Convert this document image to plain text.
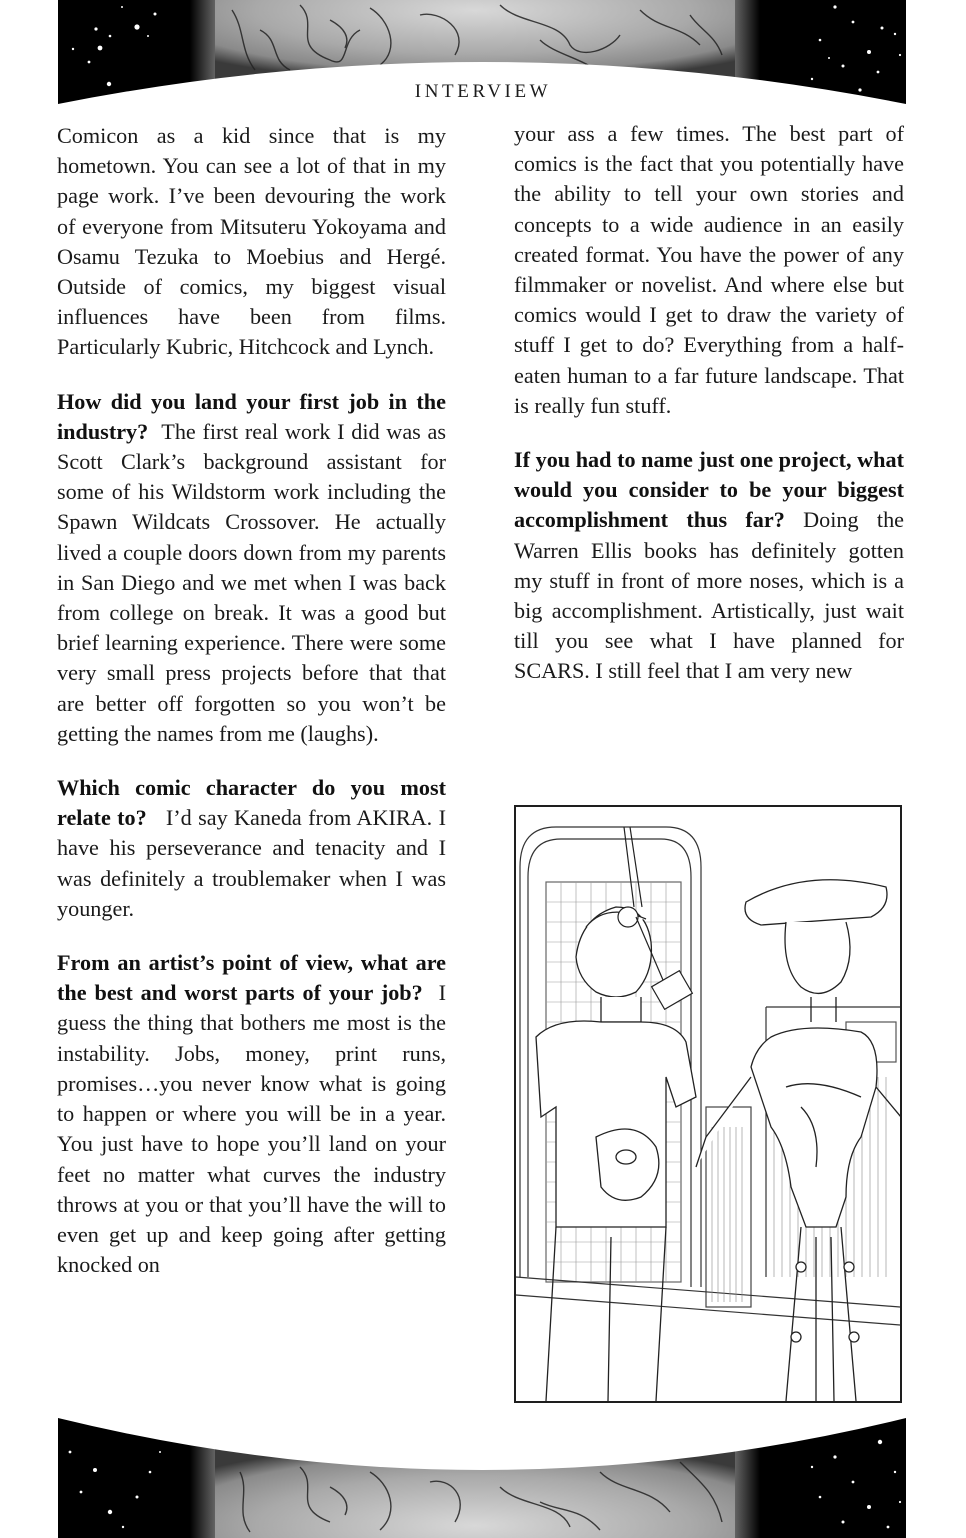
INTERVIEW

Comicon as a kid since that is my hometown. You can see a lot of that in my page work. I’ve been devouring the work of everyone from Mitsuteru Yokoyama and Osamu Tezuka to Moebius and Hergé. Outside of comics, my biggest visual influences have been from films. Particularly Kubric, Hitchcock and Lynch.

How did you land your first job in the industry? The first real work I did was as Scott Clark’s background assistant for some of his Wildstorm work including the Spawn Wildcats Crossover. He actually lived a couple doors down from my parents in San Diego and we met when I was back from college on break. It was a good but brief learning experience. There were some very small press projects before that that are better off forgotten so you won’t be getting the names from me (laughs).

Which comic character do you most relate to? I’d say Kaneda from AKIRA. I have his perseverance and tenacity and I was definitely a troublemaker when I was younger.

From an artist’s point of view, what are the best and worst parts of your job? I guess the thing that bothers me most is the instability. Jobs, money, print runs, promises…you never know what is going to happen or where you will be in a year. You just have to hope you’ll land on your feet no matter what curves the industry throws at you or that you’ll have the will to even get up and keep going after getting knocked on

your ass a few times. The best part of comics is the fact that you potentially have the ability to tell your own stories and concepts to a wide audience in an easily created format. You have the power of any filmmaker or novelist. And where else but comics would I get to draw the variety of stuff I get to do? Everything from a half-eaten human to a far future landscape. That is really fun stuff.

If you had to name just one project, what would you consider to be your biggest accomplishment thus far? Doing the Warren Ellis books has definitely gotten my stuff in front of more noses, which is a big accomplishment. Artistically, just wait till you see what I have planned for SCARS. I still feel that I am very new
